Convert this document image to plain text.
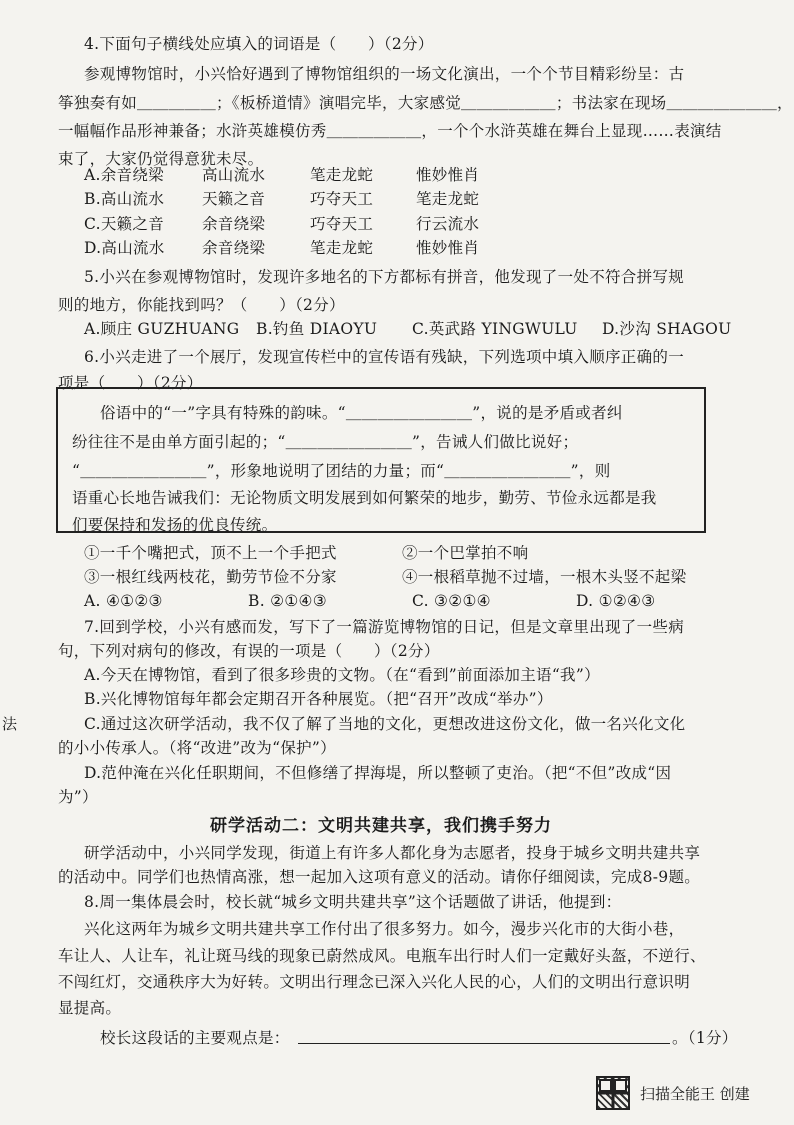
4.下面句子横线处应填入的词语是（　　）（2分）
参观博物馆时，小兴恰好遇到了博物馆组织的一场文化演出，一个个节目精彩纷呈：古
筝独奏有如＿＿＿＿＿；《板桥道情》演唱完毕，大家感觉＿＿＿＿＿＿；书法家在现场＿＿＿＿＿＿＿，
一幅幅作品形神兼备；水浒英雄模仿秀＿＿＿＿＿＿，一个个水浒英雄在舞台上显现……表演结
束了，大家仍觉得意犹未尽。
A.余音绕梁 高山流水	笔走龙蛇	惟妙惟肖
B.高山流水 天籁之音	巧夺天工	笔走龙蛇
C.天籁之音 余音绕梁	巧夺天工	行云流水
D.高山流水 余音绕梁	笔走龙蛇	惟妙惟肖
5.小兴在参观博物馆时，发现许多地名的下方都标有拼音，他发现了一处不符合拼写规
则的地方，你能找到吗？（　　）（2分）
A.顾庄 GUZHUANG B.钓鱼 DIAOYU C.英武路 YINGWULU D.沙沟 SHAGOU
6.小兴走进了一个展厅，发现宣传栏中的宣传语有残缺，下列选项中填入顺序正确的一
项是（　　）（2分）
俗语中的“一”字具有特殊的韵味。“＿＿＿＿＿＿＿＿”，说的是矛盾或者纠
纷往往不是由单方面引起的；“＿＿＿＿＿＿＿＿”，告诫人们做比说好；
“＿＿＿＿＿＿＿＿”，形象地说明了团结的力量；而“＿＿＿＿＿＿＿＿”，则
语重心长地告诫我们：无论物质文明发展到如何繁荣的地步，勤劳、节俭永远都是我
们要保持和发扬的优良传统。
①一千个嘴把式，顶不上一个手把式	②一个巴掌拍不响
③一根红线两枝花，勤劳节俭不分家	④一根稻草抛不过墙，一根木头竖不起梁
A. ④①②③	B. ②①④③	C. ③②①④	D. ①②④③
7.回到学校，小兴有感而发，写下了一篇游览博物馆的日记，但是文章里出现了一些病
句，下列对病句的修改，有误的一项是（　　）（2分）
A.今天在博物馆，看到了很多珍贵的文物。（在“看到”前面添加主语“我”）
B.兴化博物馆每年都会定期召开各种展览。（把“召开”改成“举办”）
C.通过这次研学活动，我不仅了解了当地的文化，更想改进这份文化，做一名兴化文化
的小小传承人。（将“改进”改为“保护”）
D.范仲淹在兴化任职期间，不但修缮了捍海堤，所以整顿了吏治。（把“不但”改成“因
为”）
法
研学活动二：文明共建共享，我们携手努力
研学活动中，小兴同学发现，街道上有许多人都化身为志愿者，投身于城乡文明共建共享
的活动中。同学们也热情高涨，想一起加入这项有意义的活动。请你仔细阅读，完成8-9题。
8.周一集体晨会时，校长就“城乡文明共建共享”这个话题做了讲话，他提到：
兴化这两年为城乡文明共建共享工作付出了很多努力。如今，漫步兴化市的大街小巷，
车让人、人让车，礼让斑马线的现象已蔚然成风。电瓶车出行时人们一定戴好头盔，不逆行、
不闯红灯，交通秩序大为好转。文明出行理念已深入兴化人民的心，人们的文明出行意识明
显提高。
校长这段话的主要观点是：	。（1分）
扫描全能王 创建
